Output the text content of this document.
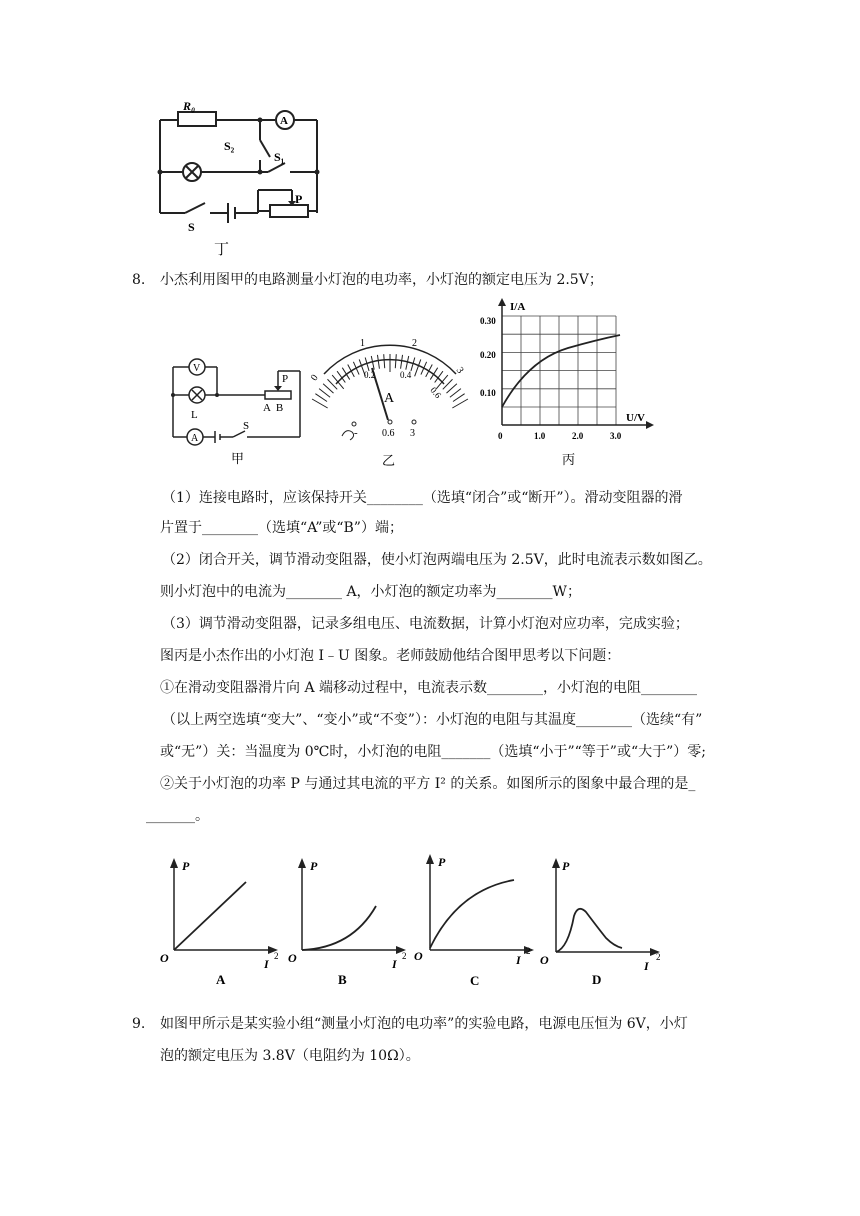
R₀
A
S₂
S₁
P
S
丁
8. 小杰利用图甲的电路测量小灯泡的电功率，小灯泡的额定电压为 2.5V；
V
L
P
A  B
A
S
甲
0
1	2
3
0.2	0.4
0.6
A
- 0.6 3
乙
I/A
U/V
0.30
0.20
0.10
0	1.0	2.0	3.0
丙
（1）连接电路时，应该保持开关________（选填“闭合”或“断开”）。滑动变阻器的滑
片置于________（选填“A”或“B”）端；
（2）闭合开关，调节滑动变阻器，使小灯泡两端电压为 2.5V，此时电流表示数如图乙。
则小灯泡中的电流为________ A，小灯泡的额定功率为________W；
（3）调节滑动变阻器，记录多组电压、电流数据，计算小灯泡对应功率，完成实验；
图丙是小杰作出的小灯泡 I﹣U 图象。老师鼓励他结合图甲思考以下问题：
①在滑动变阻器滑片向 A 端移动过程中，电流表示数________，小灯泡的电阻________
（以上两空选填“变大”、“变小”或“不变”）：小灯泡的电阻与其温度________（选续“有”
或“无”）关：当温度为 0℃时，小灯泡的电阻_______（选填“小于”“等于”或“大于”）零;
②关于小灯泡的功率 P 与通过其电流的平方 I² 的关系。如图所示的图象中最合理的是_
_______。
P
O	I
2
A
P
O	I
2
B
P
O	I
2
C
P
O	I
2
D
9. 如图甲所示是某实验小组“测量小灯泡的电功率”的实验电路，电源电压恒为 6V，小灯
泡的额定电压为 3.8V（电阻约为 10Ω）。
